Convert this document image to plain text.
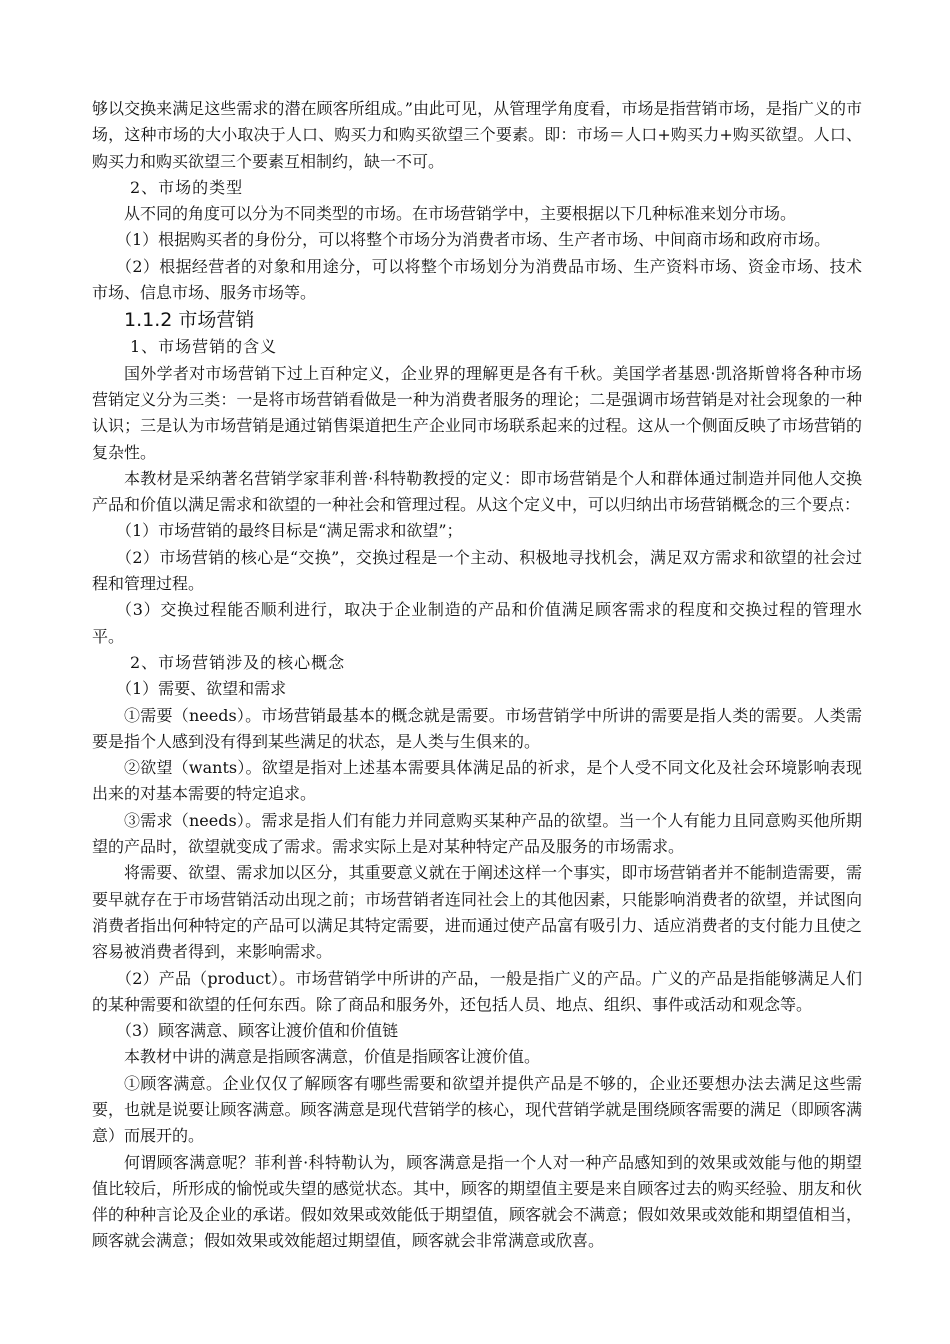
够以交换来满足这些需求的潜在顾客所组成。”由此可见，从管理学角度看，市场是指营销市场，是指广义的市场，这种市场的大小取决于人口、购买力和购买欲望三个要素。即：市场＝人口+购买力+购买欲望。人口、购买力和购买欲望三个要素互相制约，缺一不可。

2、市场的类型

从不同的角度可以分为不同类型的市场。在市场营销学中，主要根据以下几种标准来划分市场。

（1）根据购买者的身份分，可以将整个市场分为消费者市场、生产者市场、中间商市场和政府市场。

（2）根据经营者的对象和用途分，可以将整个市场划分为消费品市场、生产资料市场、资金市场、技术市场、信息市场、服务市场等。

1.1.2 市场营销

1、市场营销的含义

国外学者对市场营销下过上百种定义，企业界的理解更是各有千秋。美国学者基恩·凯洛斯曾将各种市场营销定义分为三类：一是将市场营销看做是一种为消费者服务的理论；二是强调市场营销是对社会现象的一种认识；三是认为市场营销是通过销售渠道把生产企业同市场联系起来的过程。这从一个侧面反映了市场营销的复杂性。

本教材是采纳著名营销学家菲利普·科特勒教授的定义：即市场营销是个人和群体通过制造并同他人交换产品和价值以满足需求和欲望的一种社会和管理过程。从这个定义中，可以归纳出市场营销概念的三个要点：

（1）市场营销的最终目标是“满足需求和欲望”；

（2）市场营销的核心是“交换”，交换过程是一个主动、积极地寻找机会，满足双方需求和欲望的社会过程和管理过程。

（3）交换过程能否顺利进行，取决于企业制造的产品和价值满足顾客需求的程度和交换过程的管理水平。

2、市场营销涉及的核心概念

（1）需要、欲望和需求

①需要（needs）。市场营销最基本的概念就是需要。市场营销学中所讲的需要是指人类的需要。人类需要是指个人感到没有得到某些满足的状态，是人类与生俱来的。

②欲望（wants）。欲望是指对上述基本需要具体满足品的祈求，是个人受不同文化及社会环境影响表现出来的对基本需要的特定追求。

③需求（needs）。需求是指人们有能力并同意购买某种产品的欲望。当一个人有能力且同意购买他所期望的产品时，欲望就变成了需求。需求实际上是对某种特定产品及服务的市场需求。

将需要、欲望、需求加以区分，其重要意义就在于阐述这样一个事实，即市场营销者并不能制造需要，需要早就存在于市场营销活动出现之前；市场营销者连同社会上的其他因素，只能影响消费者的欲望，并试图向消费者指出何种特定的产品可以满足其特定需要，进而通过使产品富有吸引力、适应消费者的支付能力且使之容易被消费者得到，来影响需求。

（2）产品（product）。市场营销学中所讲的产品，一般是指广义的产品。广义的产品是指能够满足人们的某种需要和欲望的任何东西。除了商品和服务外，还包括人员、地点、组织、事件或活动和观念等。

（3）顾客满意、顾客让渡价值和价值链

本教材中讲的满意是指顾客满意，价值是指顾客让渡价值。

①顾客满意。企业仅仅了解顾客有哪些需要和欲望并提供产品是不够的，企业还要想办法去满足这些需要，也就是说要让顾客满意。顾客满意是现代营销学的核心，现代营销学就是围绕顾客需要的满足（即顾客满意）而展开的。

何谓顾客满意呢？菲利普·科特勒认为，顾客满意是指一个人对一种产品感知到的效果或效能与他的期望值比较后，所形成的愉悦或失望的感觉状态。其中，顾客的期望值主要是来自顾客过去的购买经验、朋友和伙伴的种种言论及企业的承诺。假如效果或效能低于期望值，顾客就会不满意；假如效果或效能和期望值相当，顾客就会满意；假如效果或效能超过期望值，顾客就会非常满意或欣喜。
